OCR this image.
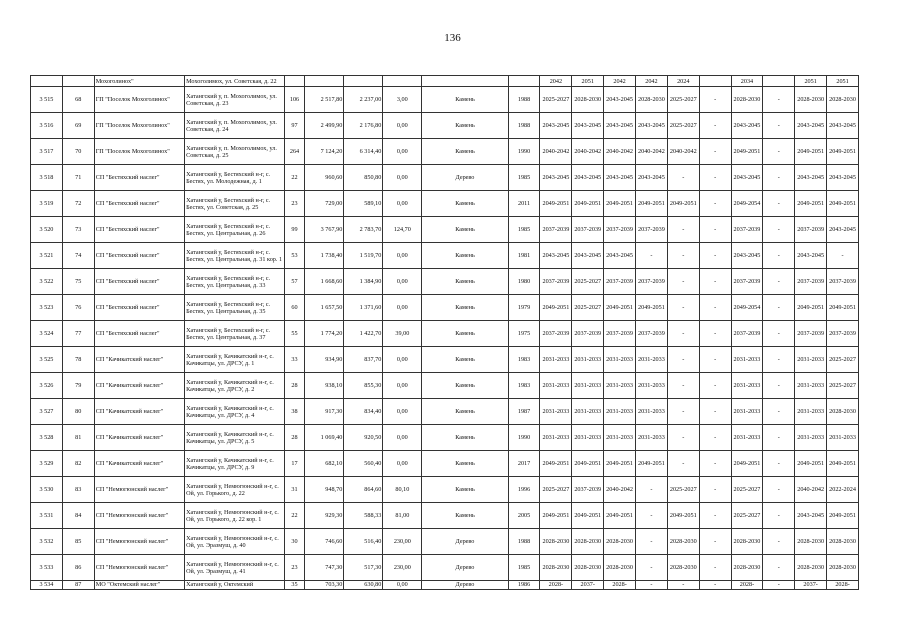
136
		Мохоголинох"	Мохоголимох, ул. Советская, д. 22							2042	2051	2042	2042	2024		2034		2051	2051
3 515	68	ГП "Поселок Мохоголинох"	Хатангский у, п. Мохоголимох, ул. Советская, д. 23	106	2 517,80	2 237,00	3,00	Камень	1988	2025-2027	2028-2030	2043-2045	2028-2030	2025-2027	-	2028-2030	-	2028-2030	2028-2030
3 516	69	ГП "Поселок Мохоголинох"	Хатангский у, п. Мохоголимох, ул. Советская, д. 24	97	2 499,90	2 176,80	0,00	Камень	1988	2043-2045	2043-2045	2043-2045	2043-2045	2025-2027	-	2043-2045	-	2043-2045	2043-2045
3 517	70	ГП "Поселок Мохоголинох"	Хатангский у, п. Мохоголимох, ул. Советская, д. 25	264	7 124,20	6 314,40	0,00	Камень	1990	2040-2042	2040-2042	2040-2042	2040-2042	2040-2042	-	2049-2051	-	2049-2051	2049-2051
3 518	71	СП "Бестяхский наслег"	Хатангский у, Бестяхский н-г, с. Бестях, ул. Молодежная, д. 1	22	960,60	850,80	0,00	Дерево	1985	2043-2045	2043-2045	2043-2045	2043-2045	-	-	2043-2045	-	2043-2045	2043-2045
3 519	72	СП "Бестяхский наслег"	Хатангский у, Бестяхский н-г, с. Бестях, ул. Советская, д. 25	23	729,00	589,10	0,00	Камень	2011	2049-2051	2049-2051	2049-2051	2049-2051	2049-2051	-	2049-2054	-	2049-2051	2049-2051
3 520	73	СП "Бестяхский наслег"	Хатангский у, Бестяхский н-г, с. Бестях, ул. Центральная, д. 26	99	3 767,90	2 783,70	124,70	Камень	1985	2037-2039	2037-2039	2037-2039	2037-2039	-	-	2037-2039	-	2037-2039	2043-2045
3 521	74	СП "Бестяхский наслег"	Хатангский у, Бестяхский н-г, с. Бестях, ул. Центральная, д. 31 кор. 1	53	1 738,40	1 519,70	0,00	Камень	1981	2043-2045	2043-2045	2043-2045	-	-	-	2043-2045	-	2043-2045	-
3 522	75	СП "Бестяхский наслег"	Хатангский у, Бестяхский н-г, с. Бестях, ул. Центральная, д. 33	57	1 668,60	1 384,90	0,00	Камень	1980	2037-2039	2025-2027	2037-2039	2037-2039	-	-	2037-2039	-	2037-2039	2037-2039
3 523	76	СП "Бестяхский наслег"	Хатангский у, Бестяхский н-г, с. Бестях, ул. Центральная, д. 35	60	1 657,50	1 371,60	0,00	Камень	1979	2049-2051	2025-2027	2049-2051	2049-2051	-	-	2049-2054	-	2049-2051	2049-2051
3 524	77	СП "Бестяхский наслег"	Хатангский у, Бестяхский н-г, с. Бестях, ул. Центральная, д. 37	55	1 774,20	1 422,70	39,00	Камень	1975	2037-2039	2037-2039	2037-2039	2037-2039	-	-	2037-2039	-	2037-2039	2037-2039
3 525	78	СП "Качикатский наслег"	Хатангский у, Качикатский н-г, с. Качикатцы, ул. ДРСУ, д. 1	33	934,90	837,70	0,00	Камень	1983	2031-2033	2031-2033	2031-2033	2031-2033	-	-	2031-2033	-	2031-2033	2025-2027
3 526	79	СП "Качикатский наслег"	Хатангский у, Качикатский н-г, с. Качикатцы, ул. ДРСУ, д. 2	28	938,10	855,30	0,00	Камень	1983	2031-2033	2031-2033	2031-2033	2031-2033	-	-	2031-2033	-	2031-2033	2025-2027
3 527	80	СП "Качикатский наслег"	Хатангский у, Качикатский н-г, с. Качикатцы, ул. ДРСУ, д. 4	38	917,30	834,40	0,00	Камень	1987	2031-2033	2031-2033	2031-2033	2031-2033	-	-	2031-2033	-	2031-2033	2028-2030
3 528	81	СП "Качикатский наслег"	Хатангский у, Качикатский н-г, с. Качикатцы, ул. ДРСУ, д. 5	28	1 069,40	920,50	0,00	Камень	1990	2031-2033	2031-2033	2031-2033	2031-2033	-	-	2031-2033	-	2031-2033	2031-2033
3 529	82	СП "Качикатский наслег"	Хатангский у, Качикатский н-г, с. Качикатцы, ул. ДРСУ, д. 9	17	682,10	560,40	0,00	Камень	2017	2049-2051	2049-2051	2049-2051	2049-2051	-	-	2049-2051	-	2049-2051	2049-2051
3 530	83	СП "Немюгюнский наслег"	Хатангский у, Немюгюнский н-г, с. Ой, ул. Горького, д. 22	31	948,70	864,60	80,10	Камень	1996	2025-2027	2037-2039	2040-2042	-	2025-2027	-	2025-2027	-	2040-2042	2022-2024
3 531	84	СП "Немюгюнский наслег"	Хатангский у, Немюгюнский н-г, с. Ой, ул. Горького, д. 22 кор. 1	22	929,30	588,33	81,00	Камень	2005	2049-2051	2049-2051	2049-2051	-	2049-2051	-	2025-2027	-	2043-2045	2049-2051
3 532	85	СП "Немюгюнский наслег"	Хатангский у, Немюгюнский н-г, с. Ой, ул. Эразмуш, д. 40	30	746,60	516,40	230,00	Дерево	1988	2028-2030	2028-2030	2028-2030	-	2028-2030	-	2028-2030	-	2028-2030	2028-2030
3 533	86	СП "Немюгюнский наслег"	Хатангский у, Немюгюнский н-г, с. Ой, ул. Эразмуш, д. 41	23	747,30	517,30	230,00	Дерево	1985	2028-2030	2028-2030	2028-2030	-	2028-2030	-	2028-2030	-	2028-2030	2028-2030
3 534	87	МО "Октемский наслег"	Хатангский у, Октемский	35	703,30	630,80	0,00	Дерево	1986	2028-	2037-	2028-	-	-	-	2028-	-	2037-	2028-
